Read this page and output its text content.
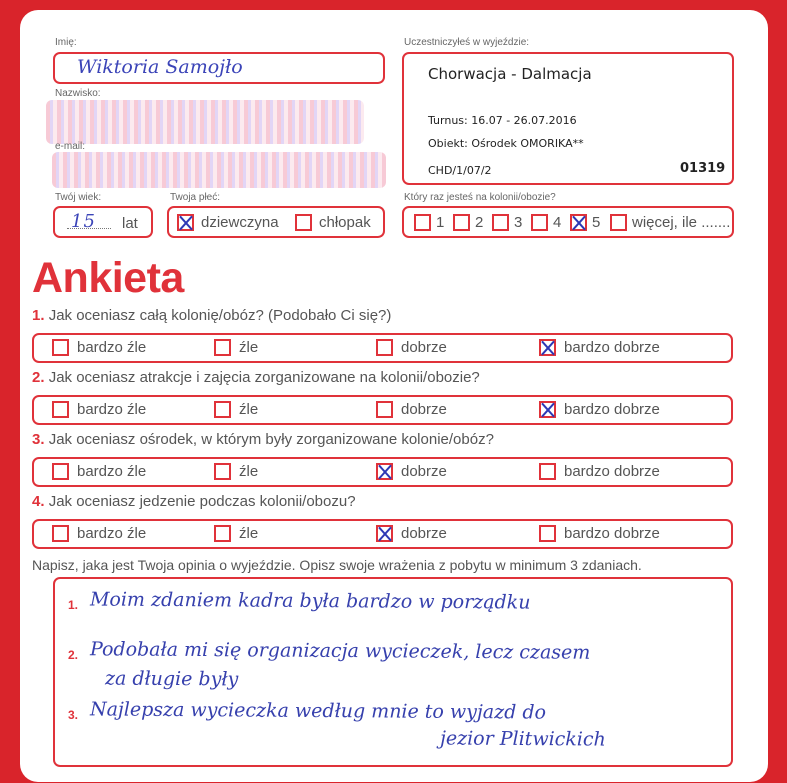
Imię:
Wiktoria Samojło
Nazwisko:
e-mail:
Twój wiek:
15 lat
Twoja płeć:
dziewczyna	chłopak
Uczestniczyłeś w wyjeździe:
Chorwacja - Dalmacja
Turnus: 16.07 - 26.07.2016
Obiekt: Ośrodek OMORIKA**
CHD/1/07/2	01319
Który raz jesteś na kolonii/obozie?
1 2 3 4 5 więcej, ile .......
Ankieta
1. Jak oceniasz całą kolonię/obóz? (Podobało Ci się?)
bardzo źle	źle	dobrze	bardzo dobrze
2. Jak oceniasz atrakcje i zajęcia zorganizowane na kolonii/obozie?
bardzo źle	źle	dobrze	bardzo dobrze
3. Jak oceniasz ośrodek, w którym były zorganizowane kolonie/obóz?
bardzo źle	źle	dobrze	bardzo dobrze
4. Jak oceniasz jedzenie podczas kolonii/obozu?
bardzo źle	źle	dobrze	bardzo dobrze
Napisz, jaka jest Twoja opinia o wyjeździe. Opisz swoje wrażenia z pobytu w minimum 3 zdaniach.
1. Moim zdaniem kadra była bardzo w porządku
2. Podobała mi się organizacja wycieczek, lecz czasem
za długie były
3. Najlepsza wycieczka według mnie to wyjazd do
jezior Plitwickich
